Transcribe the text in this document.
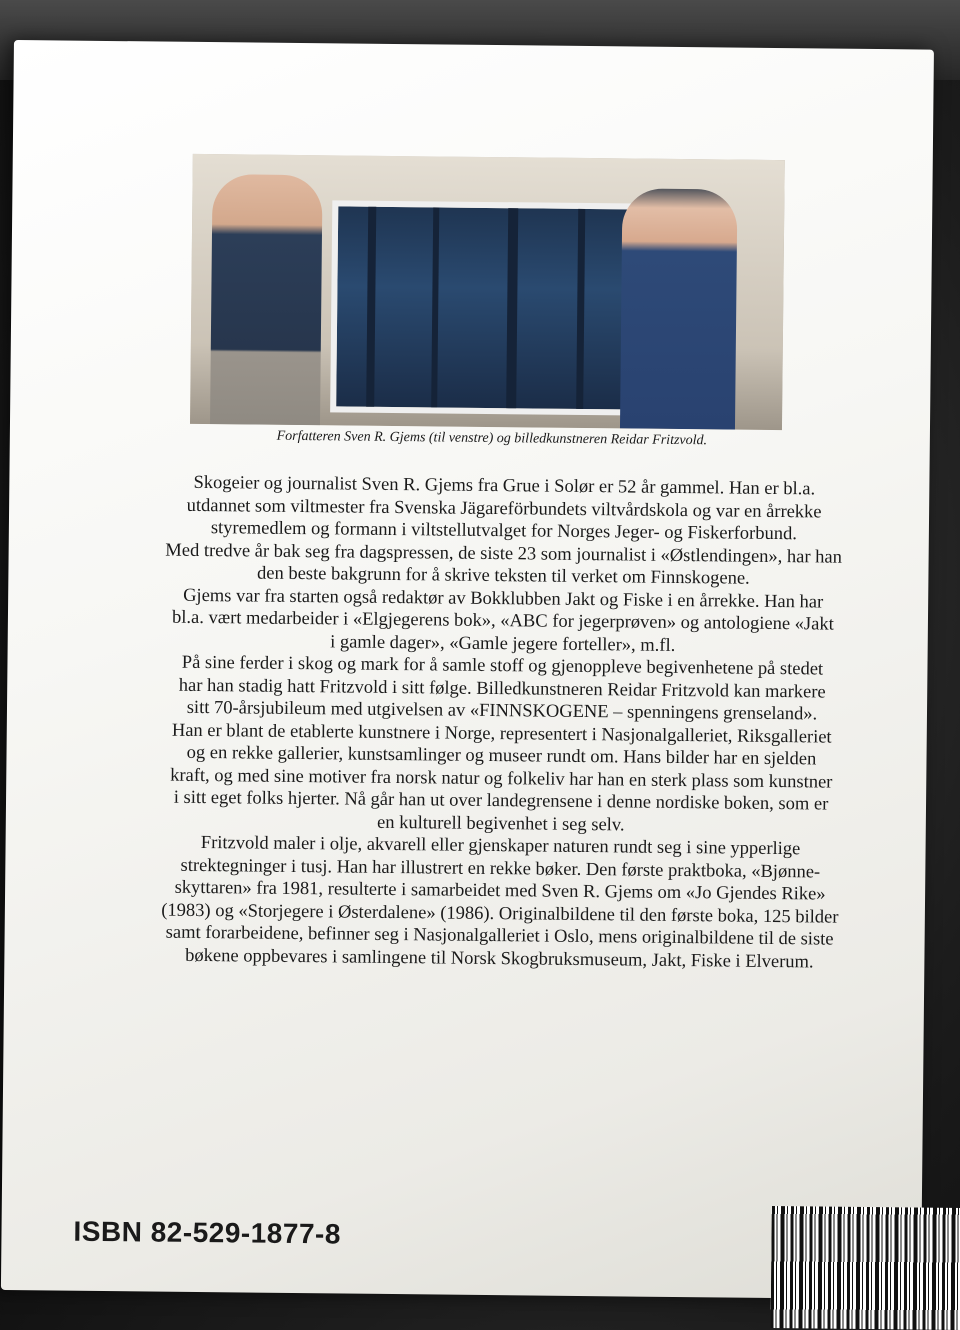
Forfatteren Sven R. Gjems (til venstre) og billedkunstneren Reidar Fritzvold.

Skogeier og journalist Sven R. Gjems fra Grue i Solør er 52 år gammel. Han er bl.a.

utdannet som viltmester fra Svenska Jägareförbundets viltvårdskola og var en årrekke

styremedlem og formann i viltstellutvalget for Norges Jeger- og Fiskerforbund.

Med tredve år bak seg fra dagspressen, de siste 23 som journalist i «Østlendingen», har han

den beste bakgrunn for å skrive teksten til verket om Finnskogene.

Gjems var fra starten også redaktør av Bokklubben Jakt og Fiske i en årrekke. Han har

bl.a. vært medarbeider i «Elgjegerens bok», «ABC for jegerprøven» og antologiene «Jakt

i gamle dager», «Gamle jegere forteller», m.fl.

På sine ferder i skog og mark for å samle stoff og gjenoppleve begivenhetene på stedet

har han stadig hatt Fritzvold i sitt følge. Billedkunstneren Reidar Fritzvold kan markere

sitt 70-årsjubileum med utgivelsen av «FINNSKOGENE – spenningens grenseland».

Han er blant de etablerte kunstnere i Norge, representert i Nasjonalgalleriet, Riksgalleriet

og en rekke gallerier, kunstsamlinger og museer rundt om. Hans bilder har en sjelden

kraft, og med sine motiver fra norsk natur og folkeliv har han en sterk plass som kunstner

i sitt eget folks hjerter. Nå går han ut over landegrensene i denne nordiske boken, som er

en kulturell begivenhet i seg selv.

Fritzvold maler i olje, akvarell eller gjenskaper naturen rundt seg i sine ypperlige

strektegninger i tusj. Han har illustrert en rekke bøker. Den første praktboka, «Bjønne-

skyttaren» fra 1981, resulterte i samarbeidet med Sven R. Gjems om «Jo Gjendes Rike»

(1983) og «Storjegere i Østerdalene» (1986). Originalbildene til den første boka, 125 bilder

samt forarbeidene, befinner seg i Nasjonalgalleriet i Oslo, mens originalbildene til de siste

bøkene oppbevares i samlingene til Norsk Skogbruksmuseum, Jakt, Fiske i Elverum.

ISBN 82-529-1877-8
